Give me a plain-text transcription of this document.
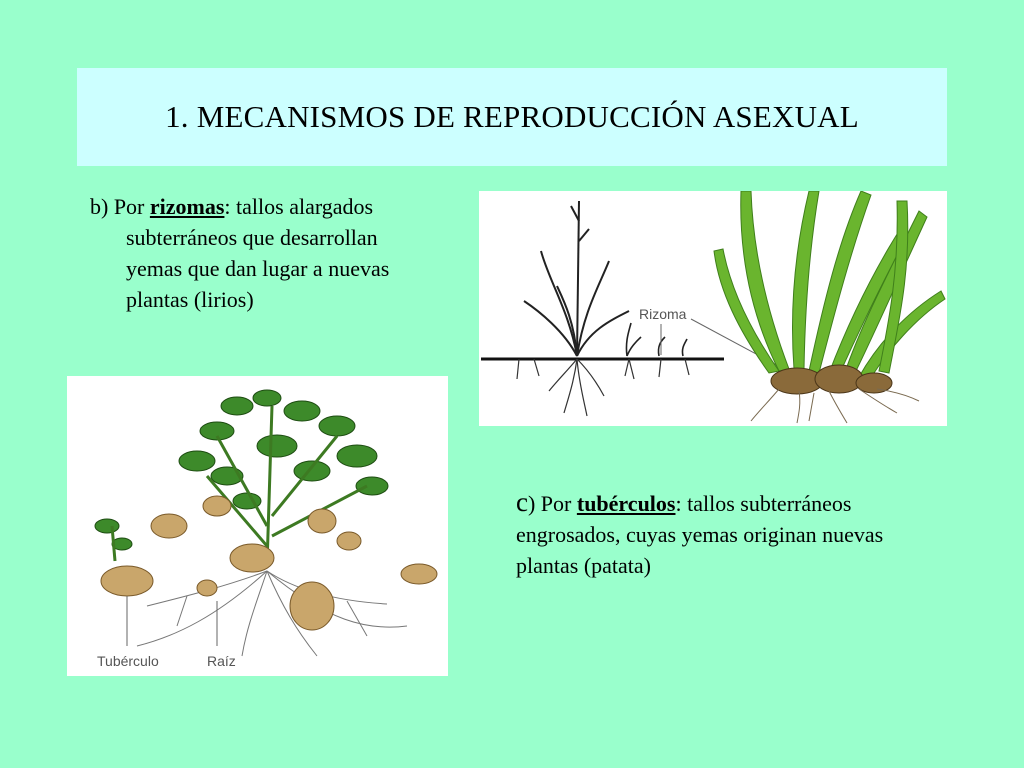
1. MECANISMOS DE REPRODUCCIÓN ASEXUAL
b) Por rizomas: tallos alargados
subterráneos que desarrollan
yemas que dan lugar a nuevas
plantas (lirios)
Rizoma
Tubérculo	Raíz
c) Por tubérculos: tallos subterráneos engrosados, cuyas yemas originan nuevas plantas (patata)
